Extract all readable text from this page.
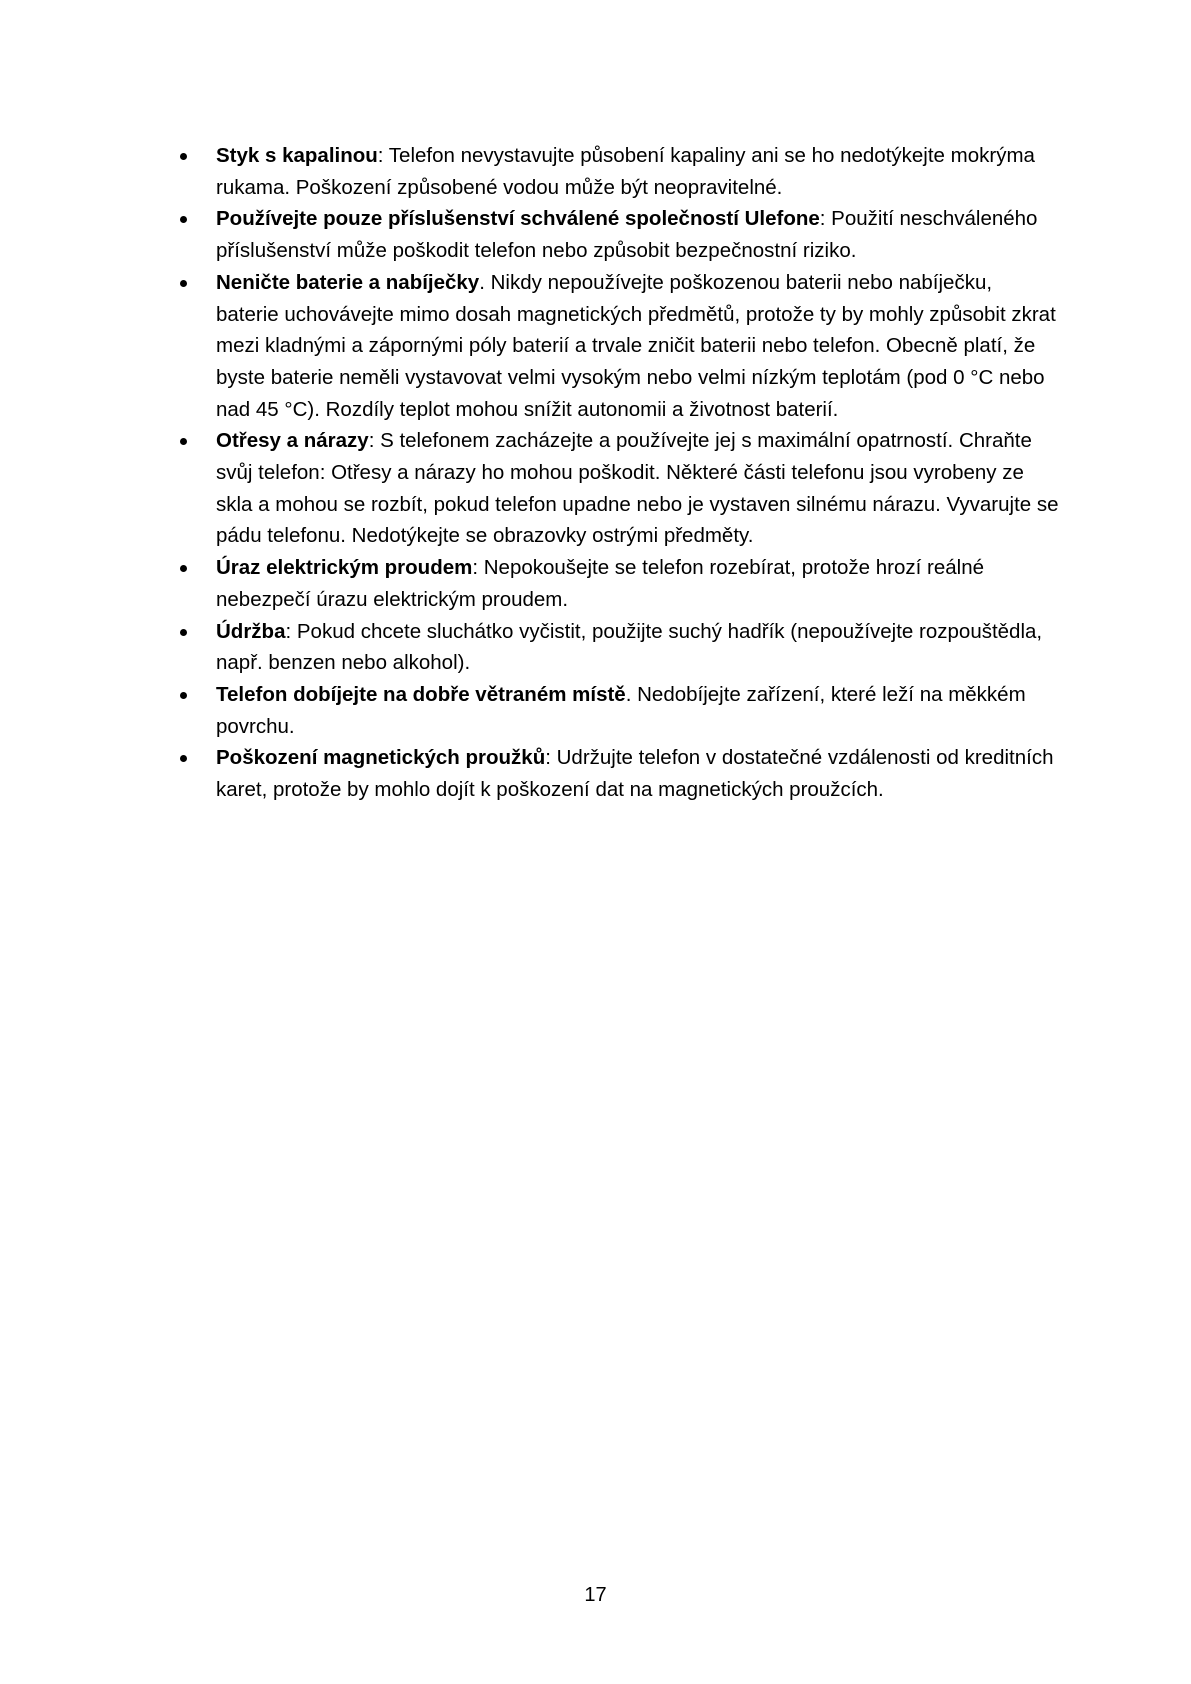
Styk s kapalinou: Telefon nevystavujte působení kapaliny ani se ho nedotýkejte mokrýma rukama. Poškození způsobené vodou může být neopravitelné.
Používejte pouze příslušenství schválené společností Ulefone: Použití neschváleného příslušenství může poškodit telefon nebo způsobit bezpečnostní riziko.
Neničte baterie a nabíječky. Nikdy nepoužívejte poškozenou baterii nebo nabíječku, baterie uchovávejte mimo dosah magnetických předmětů, protože ty by mohly způsobit zkrat mezi kladnými a zápornými póly baterií a trvale zničit baterii nebo telefon. Obecně platí, že byste baterie neměli vystavovat velmi vysokým nebo velmi nízkým teplotám (pod 0 °C nebo nad 45 °C). Rozdíly teplot mohou snížit autonomii a životnost baterií.
Otřesy a nárazy: S telefonem zacházejte a používejte jej s maximální opatrností. Chraňte svůj telefon: Otřesy a nárazy ho mohou poškodit. Některé části telefonu jsou vyrobeny ze skla a mohou se rozbít, pokud telefon upadne nebo je vystaven silnému nárazu. Vyvarujte se pádu telefonu. Nedotýkejte se obrazovky ostrými předměty.
Úraz elektrickým proudem: Nepokoušejte se telefon rozebírat, protože hrozí reálné nebezpečí úrazu elektrickým proudem.
Údržba: Pokud chcete sluchátko vyčistit, použijte suchý hadřík (nepoužívejte rozpouštědla, např. benzen nebo alkohol).
Telefon dobíjejte na dobře větraném místě. Nedobíjejte zařízení, které leží na měkkém povrchu.
Poškození magnetických proužků: Udržujte telefon v dostatečné vzdálenosti od kreditních karet, protože by mohlo dojít k poškození dat na magnetických proužcích.
17
